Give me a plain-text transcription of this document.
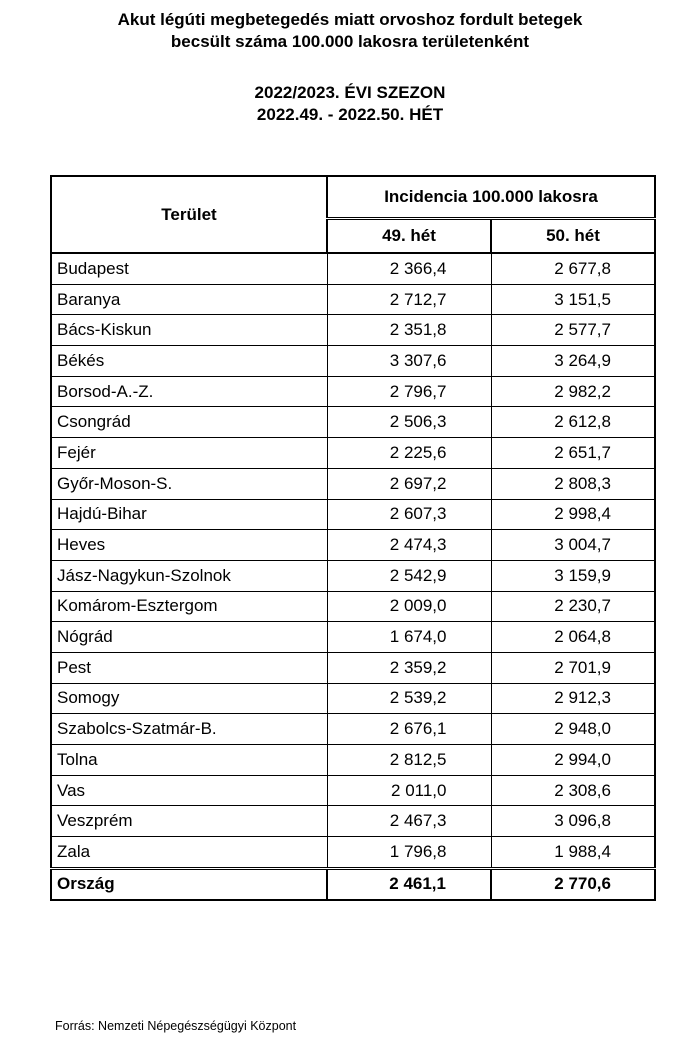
Akut légúti megbetegedés miatt orvoshoz fordult betegek
becsült száma 100.000 lakosra területenként
2022/2023. ÉVI SZEZON
2022.49. - 2022.50. HÉT
Terület	Incidencia 100.000 lakosra	
	49. hét	50. hét
Budapest	2 366,4	2 677,8
Baranya	2 712,7	3 151,5
Bács-Kiskun	2 351,8	2 577,7
Békés	3 307,6	3 264,9
Borsod-A.-Z.	2 796,7	2 982,2
Csongrád	2 506,3	2 612,8
Fejér	2 225,6	2 651,7
Győr-Moson-S.	2 697,2	2 808,3
Hajdú-Bihar	2 607,3	2 998,4
Heves	2 474,3	3 004,7
Jász-Nagykun-Szolnok	2 542,9	3 159,9
Komárom-Esztergom	2 009,0	2 230,7
Nógrád	1 674,0	2 064,8
Pest	2 359,2	2 701,9
Somogy	2 539,2	2 912,3
Szabolcs-Szatmár-B.	2 676,1	2 948,0
Tolna	2 812,5	2 994,0
Vas	2 011,0	2 308,6
Veszprém	2 467,3	3 096,8
Zala	1 796,8	1 988,4
Ország	2 461,1	2 770,6
Forrás: Nemzeti Népegészségügyi Központ
